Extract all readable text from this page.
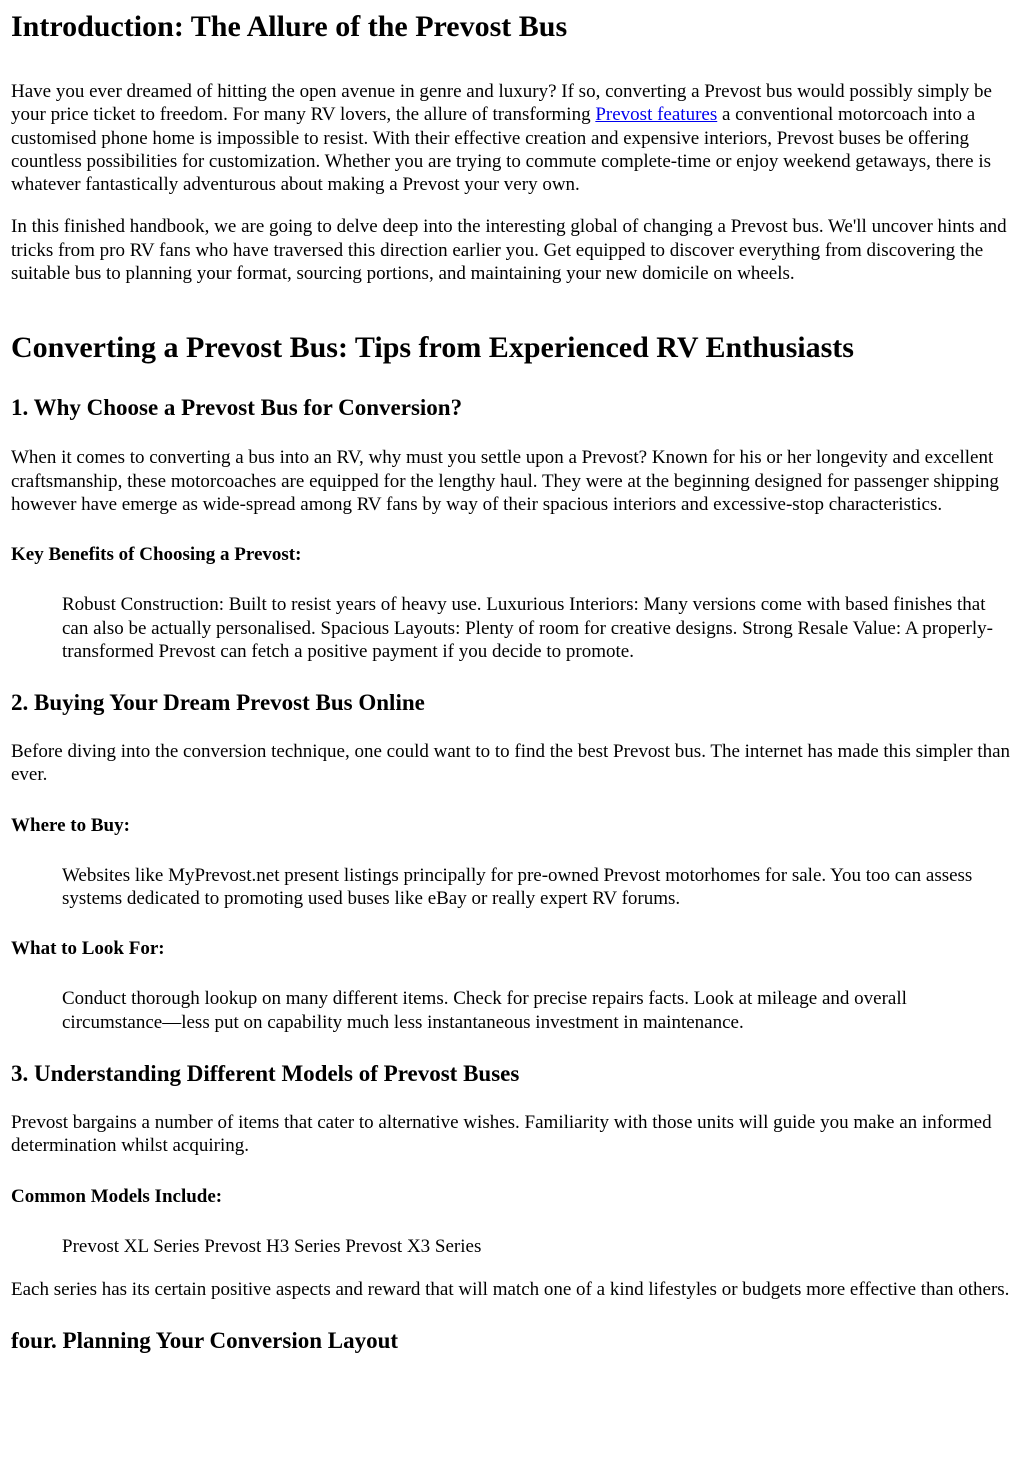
Introduction: The Allure of the Prevost Bus

Have you ever dreamed of hitting the open avenue in genre and luxury? If so, converting a Prevost bus would possibly simply be your price ticket to freedom. For many RV lovers, the allure of transforming Prevost features a conventional motorcoach into a customised phone home is impossible to resist. With their effective creation and expensive interiors, Prevost buses be offering countless possibilities for customization. Whether you are trying to commute complete-time or enjoy weekend getaways, there is whatever fantastically adventurous about making a Prevost your very own.

In this finished handbook, we are going to delve deep into the interesting global of changing a Prevost bus. We'll uncover hints and tricks from pro RV fans who have traversed this direction earlier you. Get equipped to discover everything from discovering the suitable bus to planning your format, sourcing portions, and maintaining your new domicile on wheels.

Converting a Prevost Bus: Tips from Experienced RV Enthusiasts
1. Why Choose a Prevost Bus for Conversion?

When it comes to converting a bus into an RV, why must you settle upon a Prevost? Known for his or her longevity and excellent craftsmanship, these motorcoaches are equipped for the lengthy haul. They were at the beginning designed for passenger shipping however have emerge as wide-spread among RV fans by way of their spacious interiors and excessive-stop characteristics.

Key Benefits of Choosing a Prevost:

Robust Construction: Built to resist years of heavy use. Luxurious Interiors: Many versions come with based finishes that can also be actually personalised. Spacious Layouts: Plenty of room for creative designs. Strong Resale Value: A properly-transformed Prevost can fetch a positive payment if you decide to promote.

2. Buying Your Dream Prevost Bus Online

Before diving into the conversion technique, one could want to to find the best Prevost bus. The internet has made this simpler than ever.

Where to Buy:

Websites like MyPrevost.net present listings principally for pre-owned Prevost motorhomes for sale. You too can assess systems dedicated to promoting used buses like eBay or really expert RV forums.

What to Look For:

Conduct thorough lookup on many different items. Check for precise repairs facts. Look at mileage and overall circumstance—less put on capability much less instantaneous investment in maintenance.

3. Understanding Different Models of Prevost Buses

Prevost bargains a number of items that cater to alternative wishes. Familiarity with those units will guide you make an informed determination whilst acquiring.

Common Models Include:

Prevost XL Series Prevost H3 Series Prevost X3 Series

Each series has its certain positive aspects and reward that will match one of a kind lifestyles or budgets more effective than others.

four. Planning Your Conversion Layout
